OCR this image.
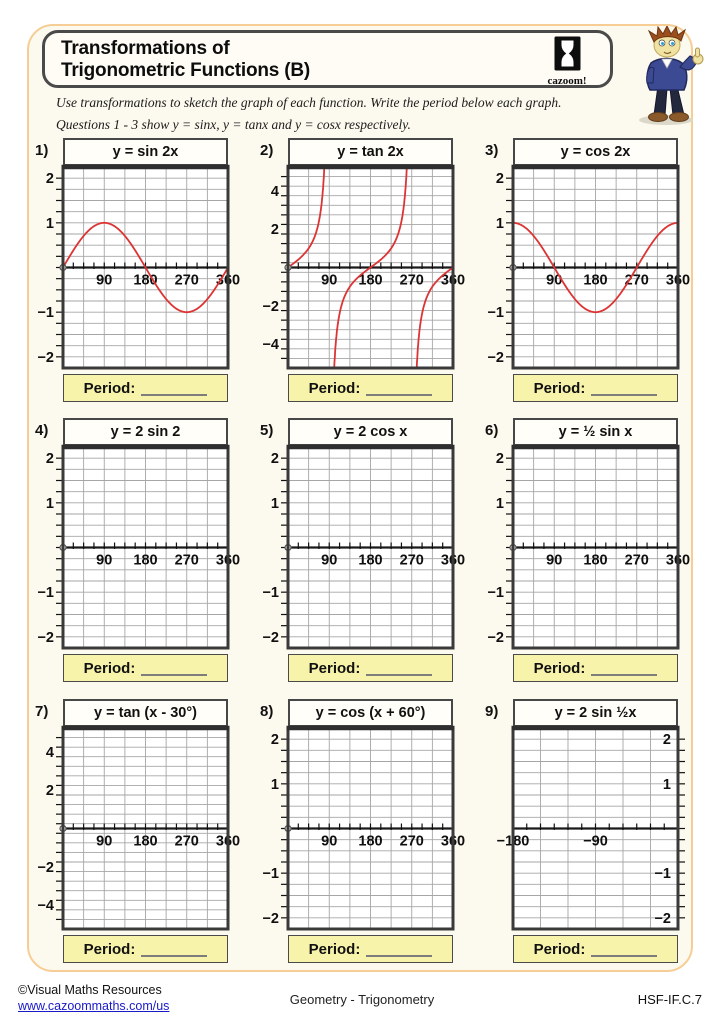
Transformations of
Trigonometric Functions (B)	cazoom!
Use transformations to sketch the graph of each function. Write the period below each graph.
Questions 1 - 3 show y = sinx, y = tanx and y = cosx respectively.
1)	y = sin 2x
90 180 270 360
2
1
−1
−2
Period:
2)	y = tan 2x
90 180 270 360
4
2
−2
−4
Period:
3)	y = cos 2x
90 180 270 360
2
1
−1
−2
Period:
4)	y = 2 sin 2
90 180 270 360
2
1
−1
−2
Period:
5)	y = 2 cos x
90 180 270 360
2
1
−1
−2
Period:
6)	y = ½ sin x
90 180 270 360
2
1
−1
−2
Period:
7)	y = tan (x - 30°)
90 180 270 360
4
2
−2
−4
Period:
8)	y = cos (x + 60°)
90 180 270 360
2
1
−1
−2
Period:
9)	y = 2 sin ½x
−180	−90
2
1
−1
−2
Period:
©Visual Maths Resources
www.cazoommaths.com/us	Geometry - Trigonometry	HSF-IF.C.7
